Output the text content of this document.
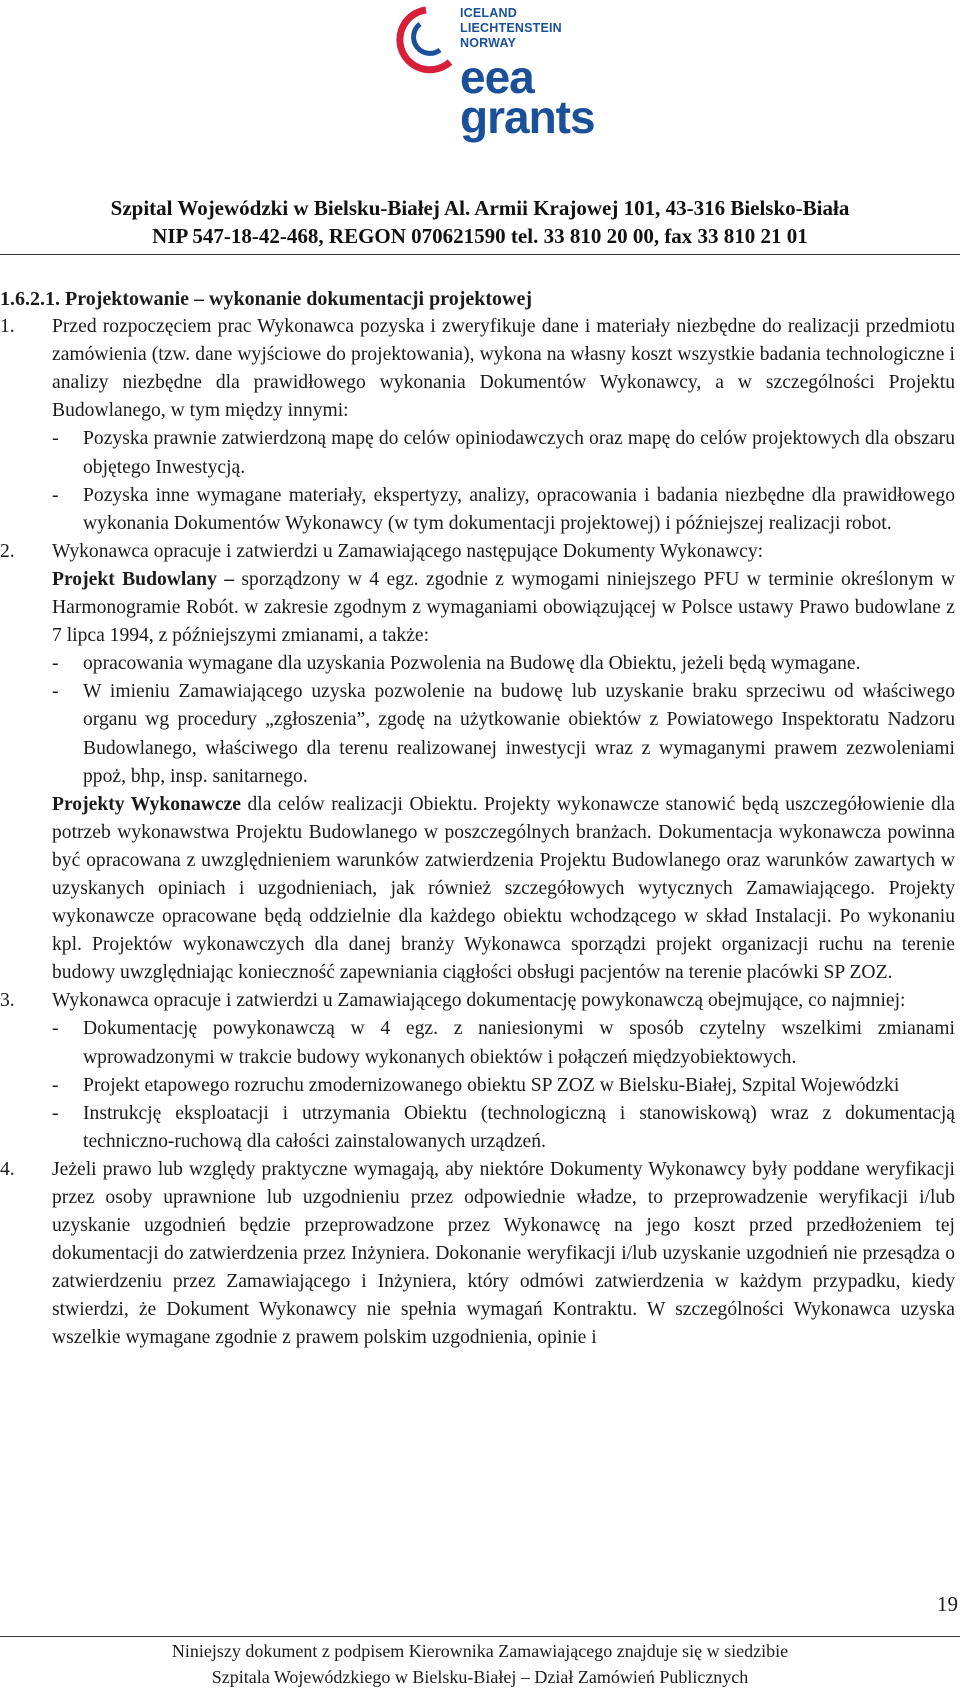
ICELAND
LIECHTENSTEIN
NORWAY
eea
grants
Szpital Wojewódzki w Bielsku-Białej Al. Armii Krajowej 101, 43-316 Bielsko-Biała
NIP 547-18-42-468, REGON 070621590 tel. 33 810 20 00, fax 33 810 21 01

1.6.2.1. Projektowanie – wykonanie dokumentacji projektowej

1. Przed rozpoczęciem prac Wykonawca pozyska i zweryfikuje dane i materiały niezbędne do realizacji przedmiotu zamówienia (tzw. dane wyjściowe do projektowania), wykona na własny koszt wszystkie badania technologiczne i analizy niezbędne dla prawidłowego wykonania Dokumentów Wykonawcy, a w szczególności Projektu Budowlanego, w tym między innymi:

- Pozyska prawnie zatwierdzoną mapę do celów opiniodawczych oraz mapę do celów projektowych dla obszaru objętego Inwestycją.

- Pozyska inne wymagane materiały, ekspertyzy, analizy, opracowania i badania niezbędne dla prawidłowego wykonania Dokumentów Wykonawcy (w tym dokumentacji projektowej) i późniejszej realizacji robot.

2. Wykonawca opracuje i zatwierdzi u Zamawiającego następujące Dokumenty Wykonawcy:

Projekt Budowlany – sporządzony w 4 egz. zgodnie z wymogami niniejszego PFU w terminie określonym w Harmonogramie Robót. w zakresie zgodnym z wymaganiami obowiązującej w Polsce ustawy Prawo budowlane z 7 lipca 1994, z późniejszymi zmianami, a także:

- opracowania wymagane dla uzyskania Pozwolenia na Budowę dla Obiektu, jeżeli będą wymagane.

- W imieniu Zamawiającego uzyska pozwolenie na budowę lub uzyskanie braku sprzeciwu od właściwego organu wg procedury „zgłoszenia”, zgodę na użytkowanie obiektów z Powiatowego Inspektoratu Nadzoru Budowlanego, właściwego dla terenu realizowanej inwestycji wraz z wymaganymi prawem zezwoleniami ppoż, bhp, insp. sanitarnego.

Projekty Wykonawcze dla celów realizacji Obiektu. Projekty wykonawcze stanowić będą uszczegółowienie dla potrzeb wykonawstwa Projektu Budowlanego w poszczególnych branżach. Dokumentacja wykonawcza powinna być opracowana z uwzględnieniem warunków zatwierdzenia Projektu Budowlanego oraz warunków zawartych w uzyskanych opiniach i uzgodnieniach, jak również szczegółowych wytycznych Zamawiającego. Projekty wykonawcze opracowane będą oddzielnie dla każdego obiektu wchodzącego w skład Instalacji. Po wykonaniu kpl. Projektów wykonawczych dla danej branży Wykonawca sporządzi projekt organizacji ruchu na terenie budowy uwzględniając konieczność zapewniania ciągłości obsługi pacjentów na terenie placówki SP ZOZ.

3. Wykonawca opracuje i zatwierdzi u Zamawiającego dokumentację powykonawczą obejmujące, co najmniej:

- Dokumentację powykonawczą w 4 egz. z naniesionymi w sposób czytelny wszelkimi zmianami wprowadzonymi w trakcie budowy wykonanych obiektów i połączeń międzyobiektowych.

- Projekt etapowego rozruchu zmodernizowanego obiektu SP ZOZ w Bielsku-Białej, Szpital Wojewódzki

- Instrukcję eksploatacji i utrzymania Obiektu (technologiczną i stanowiskową) wraz z dokumentacją techniczno-ruchową dla całości zainstalowanych urządzeń.

4. Jeżeli prawo lub względy praktyczne wymagają, aby niektóre Dokumenty Wykonawcy były poddane weryfikacji przez osoby uprawnione lub uzgodnieniu przez odpowiednie władze, to przeprowadzenie weryfikacji i/lub uzyskanie uzgodnień będzie przeprowadzone przez Wykonawcę na jego koszt przed przedłożeniem tej dokumentacji do zatwierdzenia przez Inżyniera. Dokonanie weryfikacji i/lub uzyskanie uzgodnień nie przesądza o zatwierdzeniu przez Zamawiającego i Inżyniera, który odmówi zatwierdzenia w każdym przypadku, kiedy stwierdzi, że Dokument Wykonawcy nie spełnia wymagań Kontraktu. W szczególności Wykonawca uzyska wszelkie wymagane zgodnie z prawem polskim uzgodnienia, opinie i

19
Niniejszy dokument z podpisem Kierownika Zamawiającego znajduje się w siedzibie
Szpitala Wojewódzkiego w Bielsku-Białej – Dział Zamówień Publicznych
